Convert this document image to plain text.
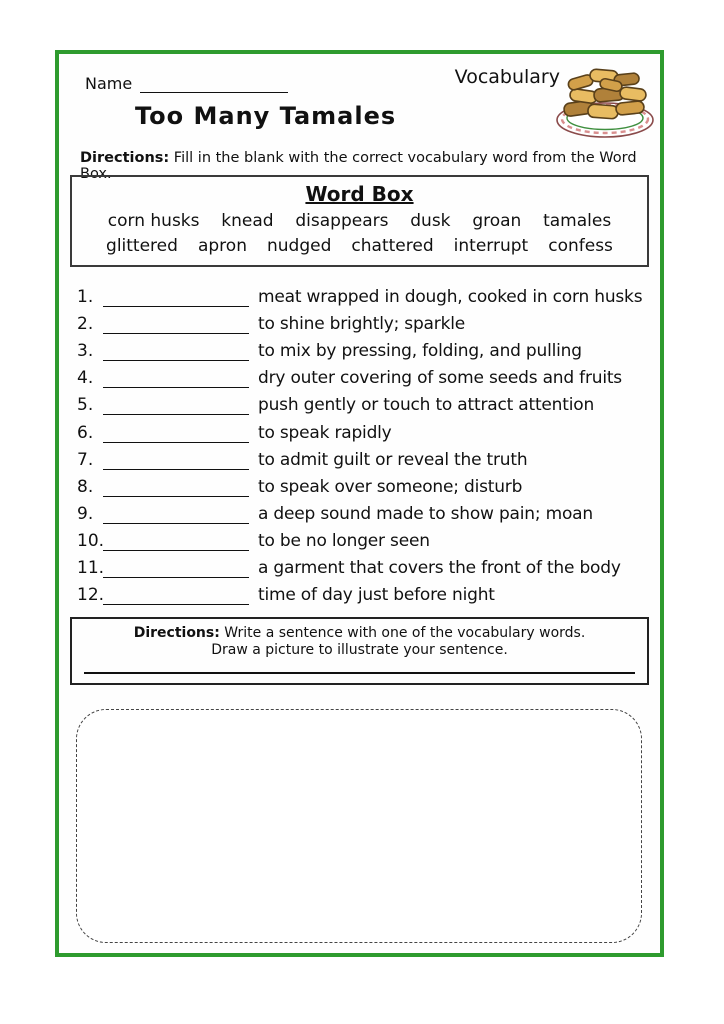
Name	Vocabulary
Too Many Tamales
Directions: Fill in the blank with the correct vocabulary word from the Word Box.
Word Box
corn husks knead disappears dusk groan tamales
glittered apron nudged chattered interrupt confess
1.	meat wrapped in dough, cooked in corn husks
2.	to shine brightly; sparkle
3.	to mix by pressing, folding, and pulling
4.	dry outer covering of some seeds and fruits
5.	push gently or touch to attract attention
6.	to speak rapidly
7.	to admit guilt or reveal the truth
8.	to speak over someone; disturb
9.	a deep sound made to show pain; moan
10.	to be no longer seen
11.	a garment that covers the front of the body
12.	time of day just before night
Directions: Write a sentence with one of the vocabulary words.
Draw a picture to illustrate your sentence.
